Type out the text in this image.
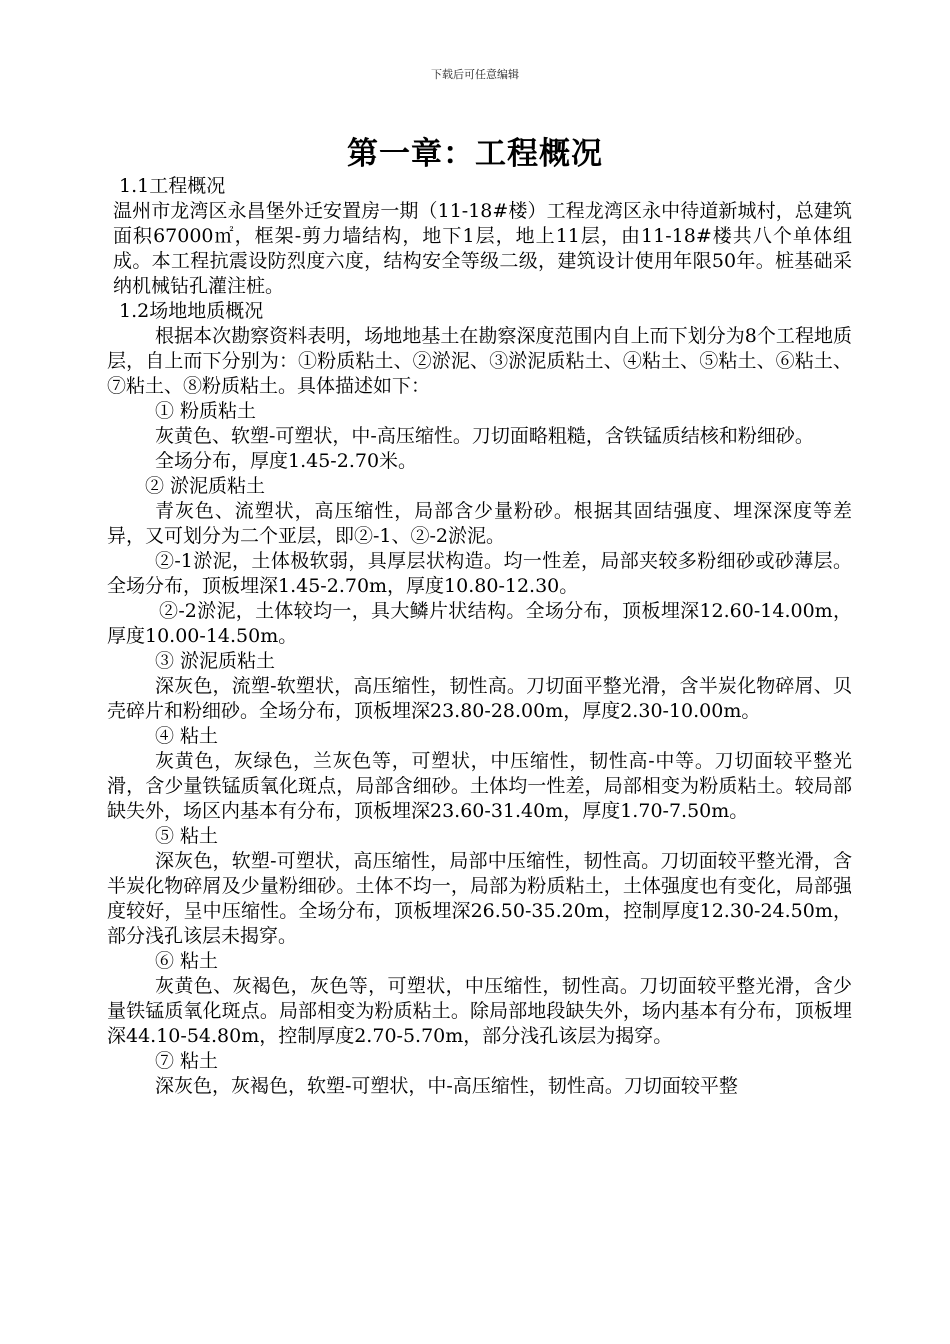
下载后可任意编辑
第一章：工程概况

1.1工程概况

温州市龙湾区永昌堡外迁安置房一期（11-18#楼）工程龙湾区永中待道新城村，总建筑面积67000㎡，框架-剪力墙结构，地下1层，地上11层，由11-18#楼共八个单体组成。本工程抗震设防烈度六度，结构安全等级二级，建筑设计使用年限50年。桩基础采纳机械钻孔灌注桩。

1.2场地地质概况

根据本次勘察资料表明，场地地基土在勘察深度范围内自上而下划分为8个工程地质层，自上而下分别为：①粉质粘土、②淤泥、③淤泥质粘土、④粘土、⑤粘土、⑥粘土、⑦粘土、⑧粉质粘土。具体描述如下：

① 粉质粘土

灰黄色、软塑-可塑状，中-高压缩性。刀切面略粗糙，含铁锰质结核和粉细砂。

全场分布，厚度1.45-2.70米。

② 淤泥质粘土

青灰色、流塑状，高压缩性，局部含少量粉砂。根据其固结强度、埋深深度等差异，又可划分为二个亚层，即②-1、②-2淤泥。

②-1淤泥，土体极软弱，具厚层状构造。均一性差，局部夹较多粉细砂或砂薄层。全场分布，顶板埋深1.45-2.70m，厚度10.80-12.30。

②-2淤泥，土体较均一，具大鳞片状结构。全场分布，顶板埋深12.60-14.00m，厚度10.00-14.50m。

③ 淤泥质粘土

深灰色，流塑-软塑状，高压缩性，韧性高。刀切面平整光滑，含半炭化物碎屑、贝壳碎片和粉细砂。全场分布，顶板埋深23.80-28.00m，厚度2.30-10.00m。

④ 粘土

灰黄色，灰绿色，兰灰色等，可塑状，中压缩性，韧性高-中等。刀切面较平整光滑，含少量铁锰质氧化斑点，局部含细砂。土体均一性差，局部相变为粉质粘土。较局部缺失外，场区内基本有分布，顶板埋深23.60-31.40m，厚度1.70-7.50m。

⑤ 粘土

深灰色，软塑-可塑状，高压缩性，局部中压缩性，韧性高。刀切面较平整光滑，含半炭化物碎屑及少量粉细砂。土体不均一，局部为粉质粘土，土体强度也有变化，局部强度较好，呈中压缩性。全场分布，顶板埋深26.50-35.20m，控制厚度12.30-24.50m，部分浅孔该层未揭穿。

⑥ 粘土

灰黄色、灰褐色，灰色等，可塑状，中压缩性，韧性高。刀切面较平整光滑，含少量铁锰质氧化斑点。局部相变为粉质粘土。除局部地段缺失外，场内基本有分布，顶板埋深44.10-54.80m，控制厚度2.70-5.70m，部分浅孔该层为揭穿。

⑦ 粘土

深灰色，灰褐色，软塑-可塑状，中-高压缩性，韧性高。刀切面较平整
